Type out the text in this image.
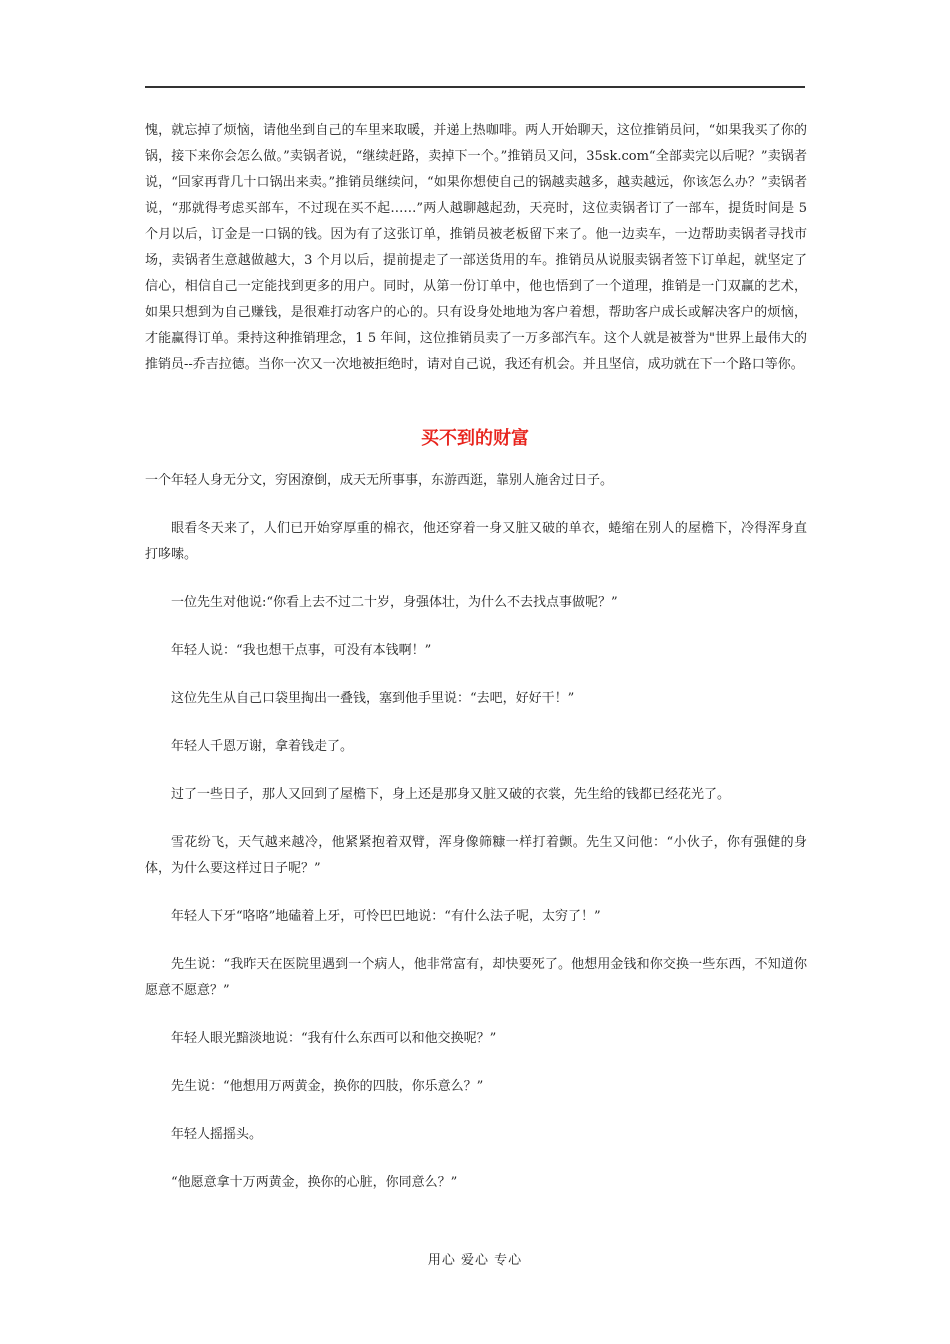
愧，就忘掉了烦恼，请他坐到自己的车里来取暖，并递上热咖啡。两人开始聊天，这位推销员问，“如果我买了你的锅，接下来你会怎么做。”卖锅者说，“继续赶路，卖掉下一个。”推销员又问，35sk.com“全部卖完以后呢？”卖锅者说，“回家再背几十口锅出来卖。”推销员继续问，“如果你想使自己的锅越卖越多，越卖越远，你该怎么办？”卖锅者说，“那就得考虑买部车，不过现在买不起……”两人越聊越起劲，天亮时，这位卖锅者订了一部车，提货时间是 5 个月以后，订金是一口锅的钱。因为有了这张订单，推销员被老板留下来了。他一边卖车，一边帮助卖锅者寻找市场，卖锅者生意越做越大，3 个月以后，提前提走了一部送货用的车。推销员从说服卖锅者签下订单起，就坚定了信心，相信自己一定能找到更多的用户。同时，从第一份订单中，他也悟到了一个道理，推销是一门双赢的艺术，如果只想到为自己赚钱，是很难打动客户的心的。只有设身处地地为客户着想，帮助客户成长或解决客户的烦恼，才能赢得订单。秉持这种推销理念，1 5 年间，这位推销员卖了一万多部汽车。这个人就是被誉为"世界上最伟大的推销员--乔吉拉德。当你一次又一次地被拒绝时，请对自己说，我还有机会。并且坚信，成功就在下一个路口等你。

买不到的财富

一个年轻人身无分文，穷困潦倒，成天无所事事，东游西逛，靠别人施舍过日子。

眼看冬天来了，人们已开始穿厚重的棉衣，他还穿着一身又脏又破的单衣，蜷缩在别人的屋檐下，冷得浑身直打哆嗦。

一位先生对他说:“你看上去不过二十岁，身强体壮，为什么不去找点事做呢？”

年轻人说：“我也想干点事，可没有本钱啊！”

这位先生从自己口袋里掏出一叠钱，塞到他手里说：“去吧，好好干！”

年轻人千恩万谢，拿着钱走了。

过了一些日子，那人又回到了屋檐下，身上还是那身又脏又破的衣裳，先生给的钱都已经花光了。

雪花纷飞，天气越来越冷，他紧紧抱着双臂，浑身像筛糠一样打着颤。先生又问他：“小伙子，你有强健的身体，为什么要这样过日子呢？”

年轻人下牙“咯咯”地磕着上牙，可怜巴巴地说：“有什么法子呢，太穷了！”

先生说：“我昨天在医院里遇到一个病人，他非常富有，却快要死了。他想用金钱和你交换一些东西，不知道你愿意不愿意？”

年轻人眼光黯淡地说：“我有什么东西可以和他交换呢？”

先生说：“他想用万两黄金，换你的四肢，你乐意么？”

年轻人摇摇头。

“他愿意拿十万两黄金，换你的心脏，你同意么？”

用心 爱心 专心
